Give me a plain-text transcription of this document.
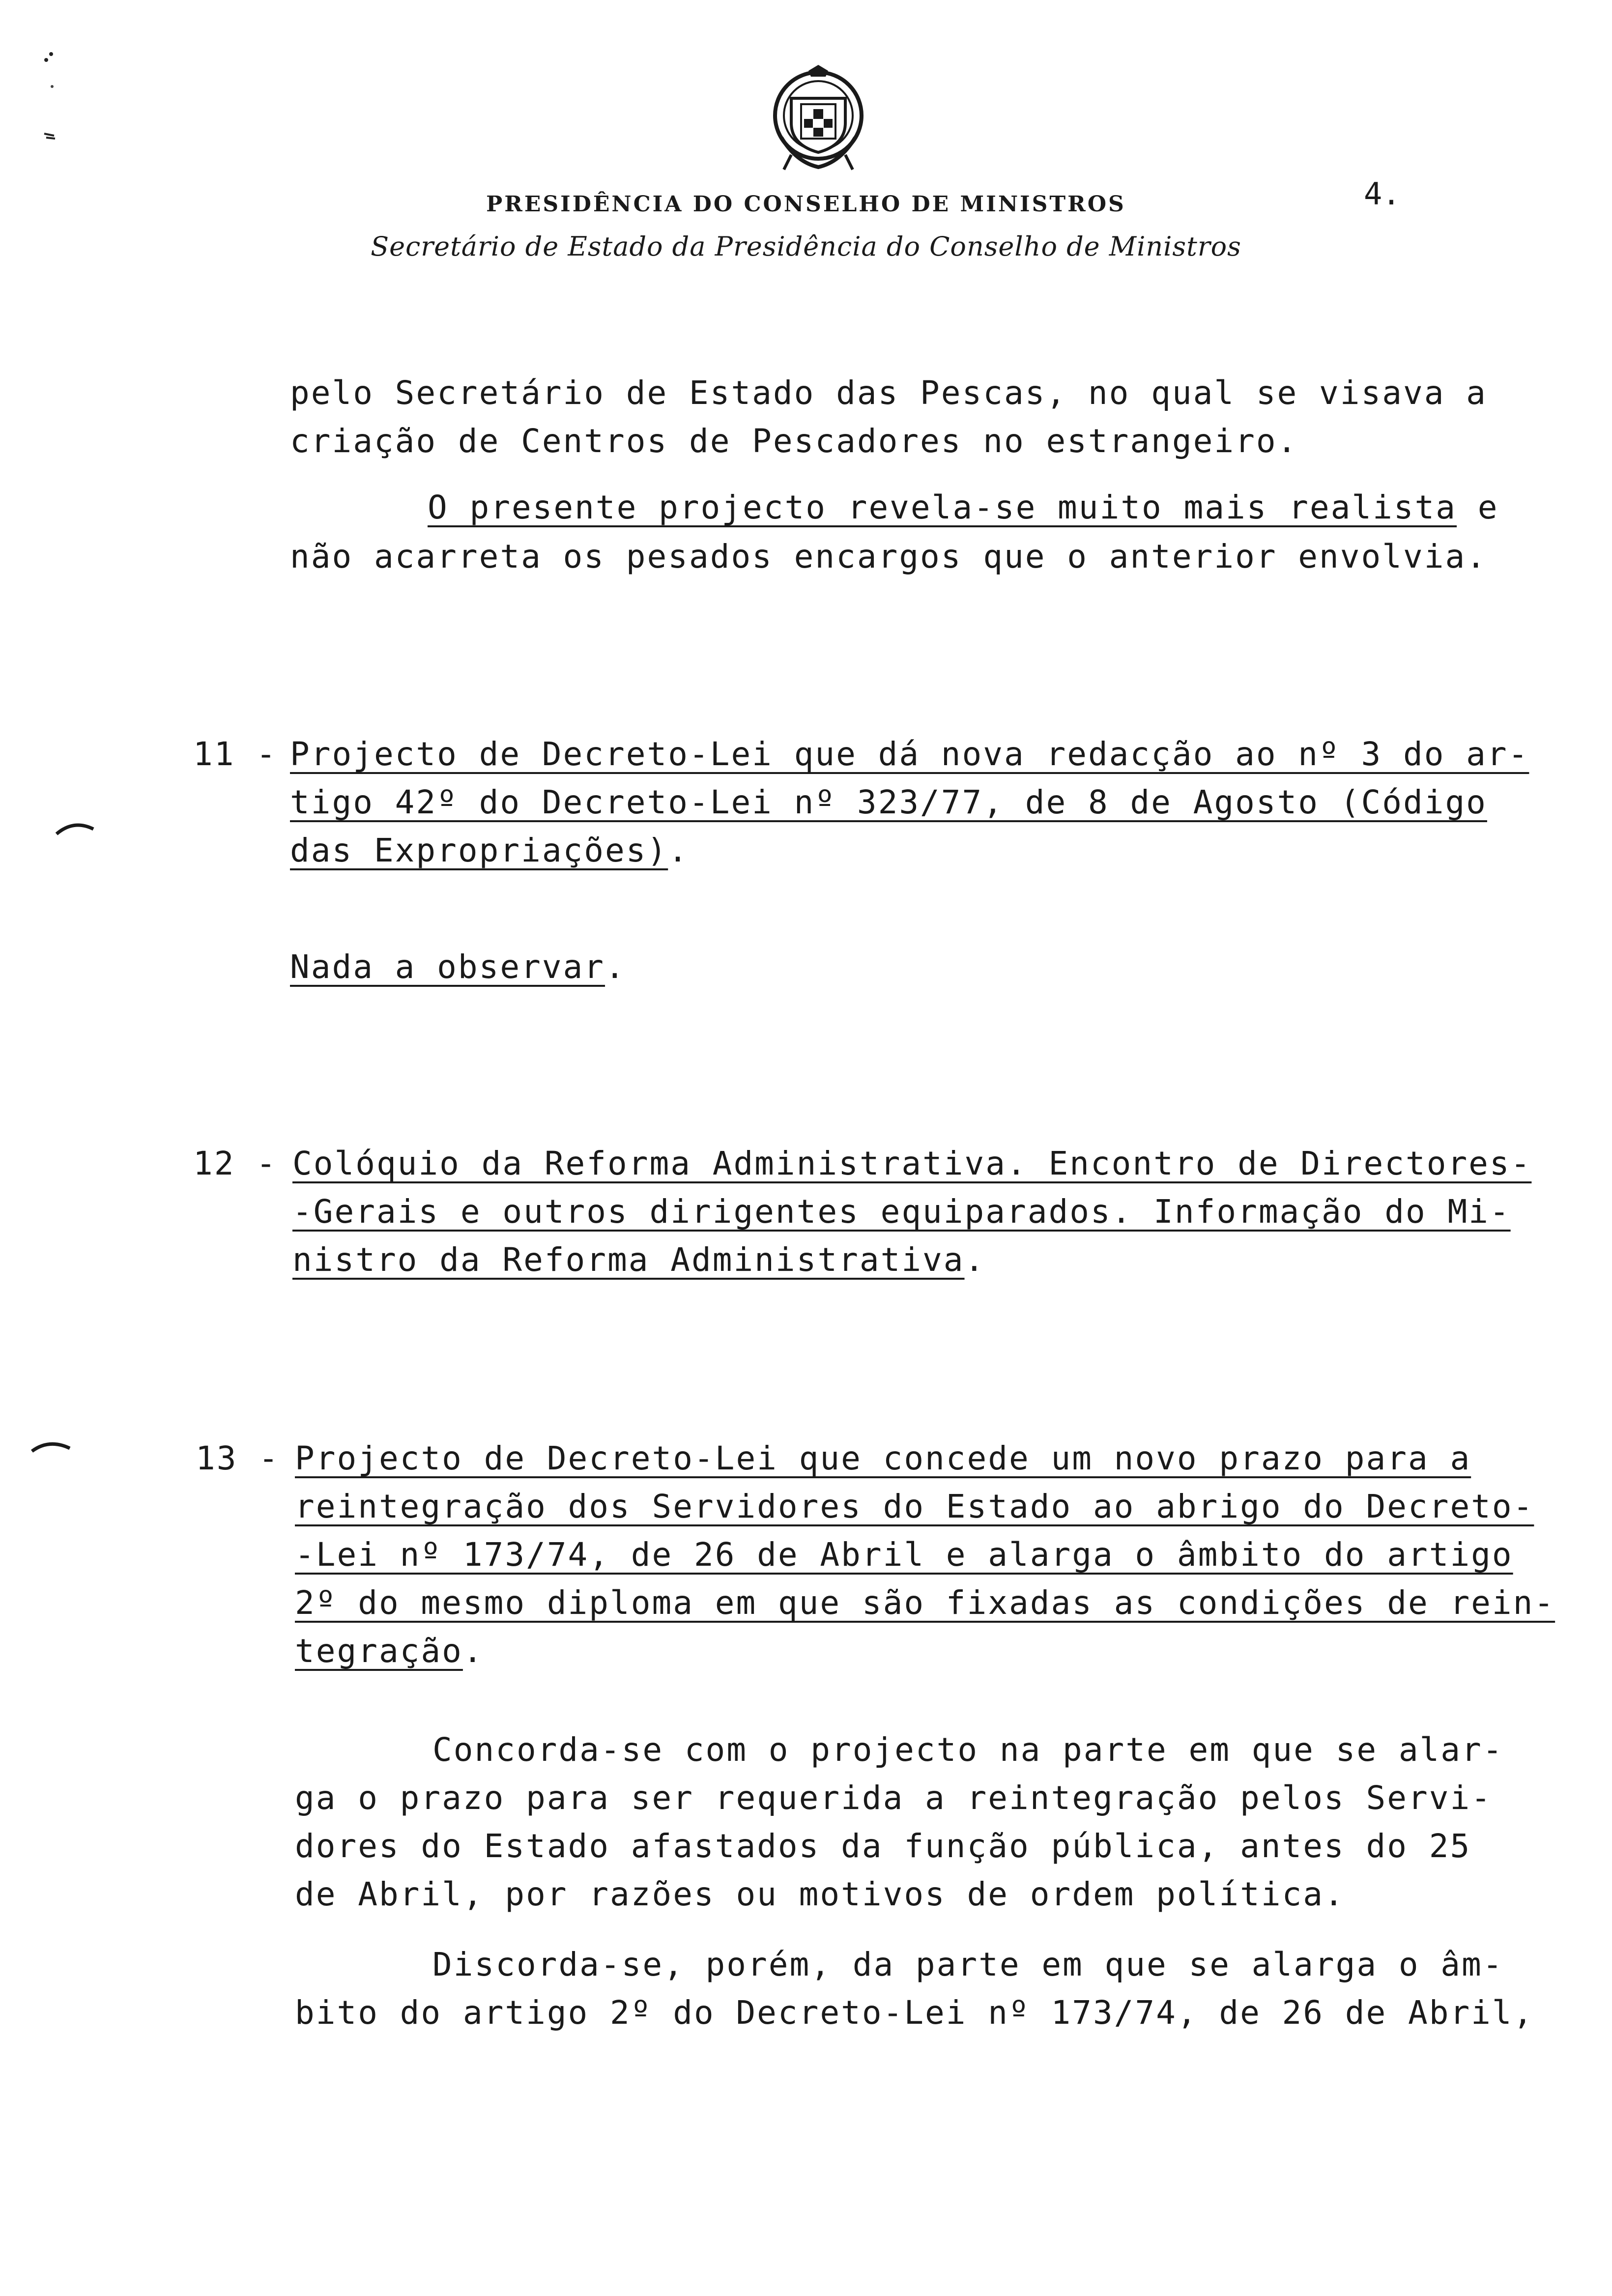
PRESIDÊNCIA DO CONSELHO DE MINISTROS
Secretário de Estado da Presidência do Conselho de Ministros
4.
pelo Secretário de Estado das Pescas, no qual se visava a
criação de Centros de Pescadores no estrangeiro.
O presente projecto revela-se muito mais realista e
não acarreta os pesados encargos que o anterior envolvia.
11 - Projecto de Decreto-Lei que dá nova redacção ao nº 3 do ar-
tigo 42º do Decreto-Lei nº 323/77, de 8 de Agosto (Código
das Expropriações).
Nada a observar.
12 - Colóquio da Reforma Administrativa. Encontro de Directores-
-Gerais e outros dirigentes equiparados. Informação do Mi-
nistro da Reforma Administrativa.
13 - Projecto de Decreto-Lei que concede um novo prazo para a
reintegração dos Servidores do Estado ao abrigo do Decreto-
-Lei nº 173/74, de 26 de Abril e alarga o âmbito do artigo
2º do mesmo diploma em que são fixadas as condições de rein-
tegração.
Concorda-se com o projecto na parte em que se alar-
ga o prazo para ser requerida a reintegração pelos Servi-
dores do Estado afastados da função pública, antes do 25
de Abril, por razões ou motivos de ordem política.
Discorda-se, porém, da parte em que se alarga o âm-
bito do artigo 2º do Decreto-Lei nº 173/74, de 26 de Abril,
